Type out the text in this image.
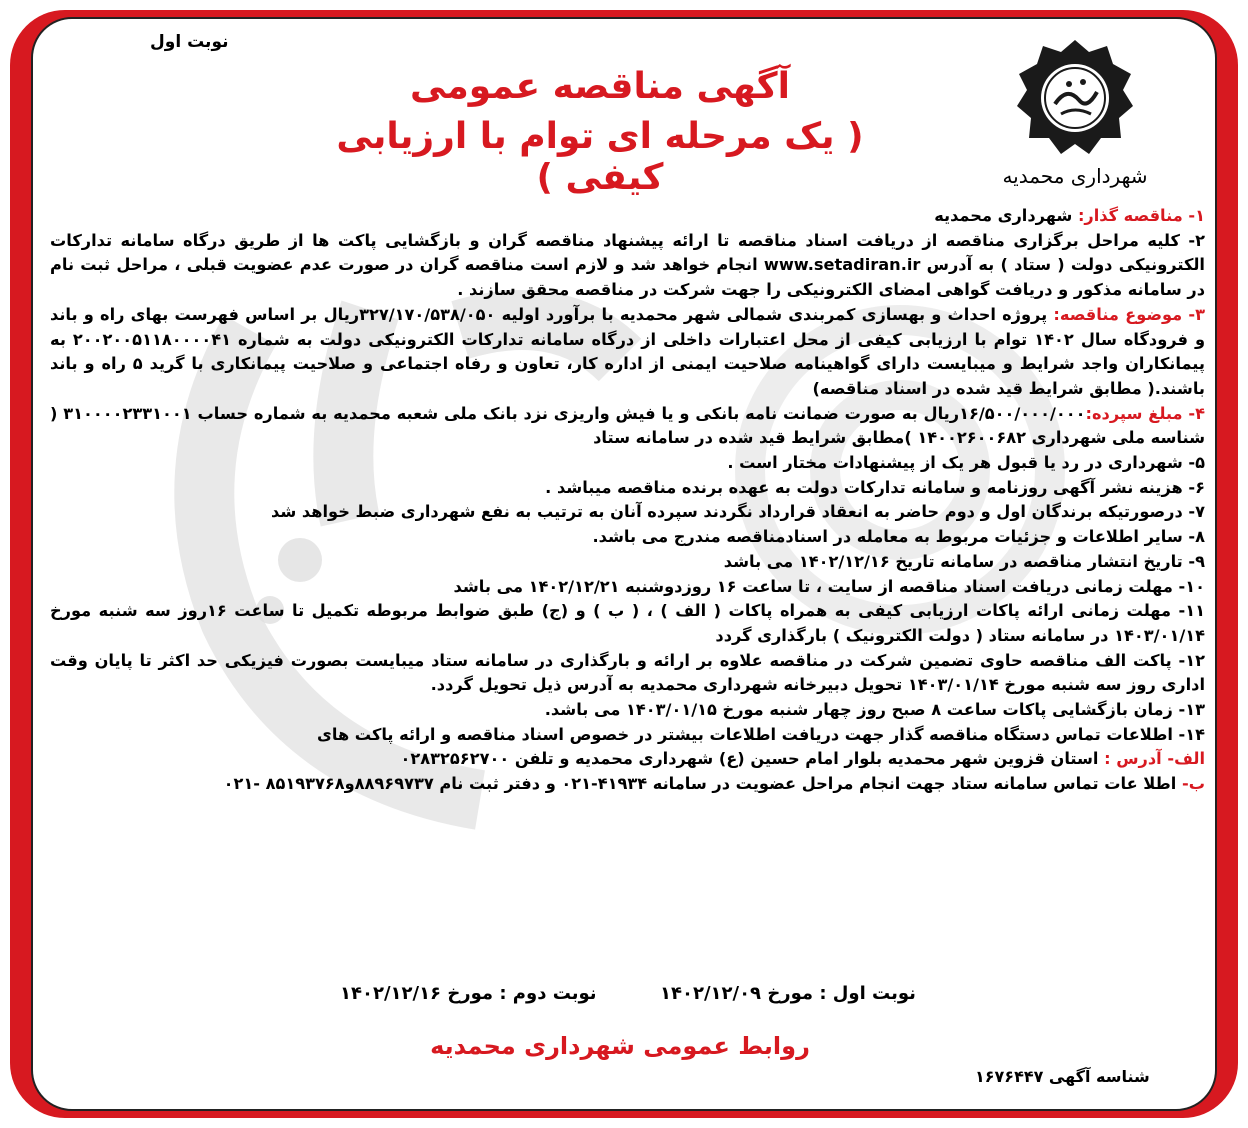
نوبت اول
آگهی مناقصه عمومی
( یک مرحله ای توام با ارزیابی کیفی )	شهرداری محمدیه

۱- مناقصه گذار: شهرداری محمدیه

۲- کلیه مراحل برگزاری مناقصه از دریافت اسناد مناقصه تا ارائه پیشنهاد مناقصه گران و بازگشایی پاکت ها از طریق درگاه سامانه تدارکات الکترونیکی دولت ( ستاد ) به آدرس www.setadiran.ir انجام خواهد شد و لازم است مناقصه گران در صورت عدم عضویت قبلی ، مراحل ثبت نام در سامانه مذکور و دریافت گواهی امضای الکترونیکی را جهت شرکت در مناقصه محقق سازند .

۳- موضوع مناقصه: پروژه احداث و بهسازی کمربندی شمالی شهر محمدیه با برآورد اولیه ۳۲۷/۱۷۰/۵۳۸/۰۵۰ریال بر اساس فهرست بهای راه و باند و فرودگاه سال ۱۴۰۲ توام با ارزیابی کیفی از محل اعتبارات داخلی از درگاه سامانه تدارکات الکترونیکی دولت به شماره ۲۰۰۲۰۰۵۱۱۸۰۰۰۰۴۱ به پیمانکاران واجد شرایط و میبایست دارای گواهینامه صلاحیت ایمنی از اداره کار، تعاون و رفاه اجتماعی و صلاحیت پیمانکاری با گرید ۵ راه و باند باشند.( مطابق شرایط قید شده در اسناد مناقصه)

۴- مبلغ سپرده:۱۶/۵۰۰/۰۰۰/۰۰۰ریال به صورت ضمانت نامه بانکی و یا فیش واریزی نزد بانک ملی شعبه محمدیه به شماره حساب ۳۱۰۰۰۰۲۳۳۱۰۰۱ ( شناسه ملی شهرداری ۱۴۰۰۲۶۰۰۶۸۲ )مطابق شرایط قید شده در سامانه ستاد

۵- شهرداری در رد یا قبول هر یک از پیشنهادات مختار است .

۶- هزینه نشر آگهی روزنامه و سامانه تدارکات دولت به عهده برنده مناقصه میباشد .

۷- درصورتیکه برندگان اول و دوم حاضر به انعقاد قرارداد نگردند سپرده آنان به ترتیب به نفع شهرداری ضبط خواهد شد

۸- سایر اطلاعات و جزئیات مربوط به معامله در اسنادمناقصه مندرج می باشد.

۹- تاریخ انتشار مناقصه در سامانه تاریخ ۱۴۰۲/۱۲/۱۶ می باشد

۱۰- مهلت زمانی دریافت اسناد مناقصه از سایت ، تا ساعت ۱۶ روزدوشنبه ۱۴۰۲/۱۲/۲۱ می باشد

۱۱- مهلت زمانی ارائه پاکات ارزیابی کیفی به همراه پاکات ( الف ) ، ( ب ) و (ج) طبق ضوابط مربوطه تکمیل تا ساعت ۱۶روز سه شنبه مورخ ۱۴۰۳/۰۱/۱۴ در سامانه ستاد ( دولت الکترونیک ) بارگذاری گردد

۱۲- پاکت الف مناقصه حاوی تضمین شرکت در مناقصه علاوه بر ارائه و بارگذاری در سامانه ستاد میبایست بصورت فیزیکی حد اکثر تا پایان وقت اداری روز سه شنبه مورخ ۱۴۰۳/۰۱/۱۴ تحویل دبیرخانه شهرداری محمدیه به آدرس ذیل تحویل گردد.

۱۳- زمان بازگشایی پاکات ساعت ۸ صبح روز چهار شنبه مورخ ۱۴۰۳/۰۱/۱۵ می باشد.

۱۴- اطلاعات تماس دستگاه مناقصه گذار جهت دریافت اطلاعات بیشتر در خصوص اسناد مناقصه و ارائه پاکت های

الف- آدرس : استان قزوین شهر محمدیه بلوار امام حسین (ع) شهرداری محمدیه و تلفن ۰۲۸۳۲۵۶۲۷۰۰

ب- اطلا عات تماس سامانه ستاد جهت انجام مراحل عضویت در سامانه ۴۱۹۳۴-۰۲۱ و دفتر ثبت نام ۸۸۹۶۹۷۳۷و۸۵۱۹۳۷۶۸ -۰۲۱

نوبت اول : مورخ ۱۴۰۲/۱۲/۰۹
نوبت دوم : مورخ ۱۴۰۲/۱۲/۱۶
روابط عمومی شهرداری محمدیه
شناسه آگهی ۱۶۷۶۴۴۷
